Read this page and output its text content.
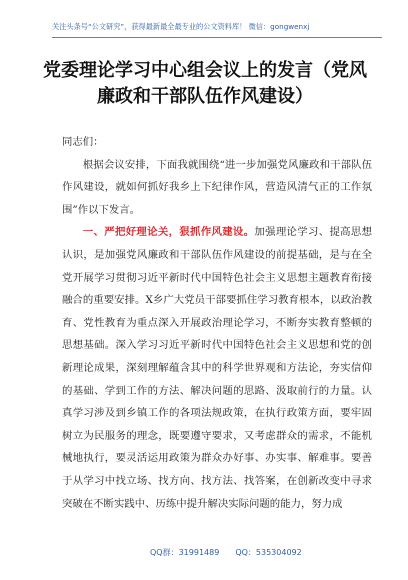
关注头条号“公文研究”，获得最新最全最专业的公文资料库！ 微信：gongwenxj
党委理论学习中心组会议上的发言（党风
廉政和干部队伍作风建设）

同志们：

根据会议安排，下面我就围绕“进一步加强党风廉政和干部队伍作风建设，就如何抓好我乡上下纪律作风，营造风清气正的工作氛围”作以下发言。

一、严把好理论关，狠抓作风建设。加强理论学习、提高思想认识，是加强党风廉政和干部队伍作风建设的前提基础，是与在全党开展学习贯彻习近平新时代中国特色社会主义思想主题教育衔接融合的重要安排。X乡广大党员干部要抓住学习教育根本，以政治教育、党性教育为重点深入开展政治理论学习，不断夯实教育整顿的思想基础。深入学习习近平新时代中国特色社会主义思想和党的创新理论成果，深刻理解蕴含其中的科学世界观和方法论，夯实信仰的基础、学到工作的方法、解决问题的思路、汲取前行的力量。认真学习涉及到乡镇工作的各项法规政策，在执行政策方面，要牢固树立为民服务的理念，既要遵守要求，又考虑群众的需求，不能机械地执行，要灵活运用政策为群众办好事、办实事、解难事。要善于从学习中找立场、找方向、找方法、找答案，在创新改变中寻求突破在不断实践中、历练中提升解决实际问题的能力，努力成

QQ群：31991489 QQ：535304092
